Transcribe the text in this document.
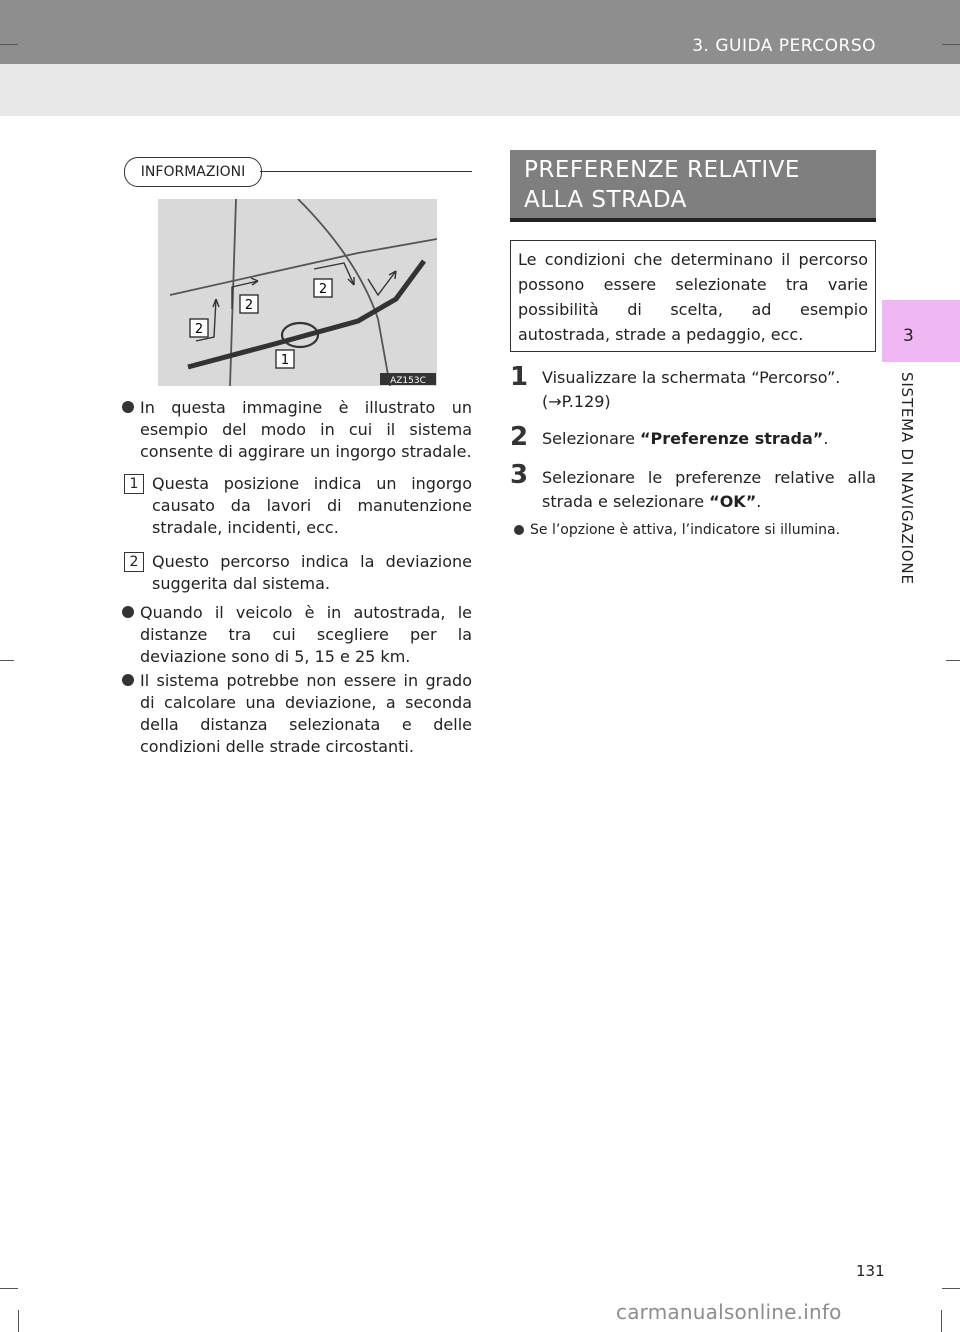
3. GUIDA PERCORSO
3
SISTEMA DI NAVIGAZIONE
INFORMAZIONI
2
2
2
1
AZ153C
In questa immagine è illustrato un esempio del modo in cui il sistema consente di aggirare un ingorgo stradale.
1 Questa posizione indica un ingorgo causato da lavori di manutenzione stradale, incidenti, ecc.
2 Questo percorso indica la deviazione suggerita dal sistema.
Quando il veicolo è in autostrada, le distanze tra cui scegliere per la deviazione sono di 5, 15 e 25 km.
Il sistema potrebbe non essere in grado di calcolare una deviazione, a seconda della distanza selezionata e delle condizioni delle strade circostanti.
PREFERENZE RELATIVE ALLA STRADA
Le condizioni che determinano il percorso possono essere selezionate tra varie possibilità di scelta, ad esempio autostrada, strade a pedaggio, ecc.
1 Visualizzare la schermata “Percorso”.
(→P.129)
2 Selezionare “Preferenze strada”.
3 Selezionare le preferenze relative alla strada e selezionare “OK”.
Se l’opzione è attiva, l’indicatore si illumina.
131
carmanualsonline.info
